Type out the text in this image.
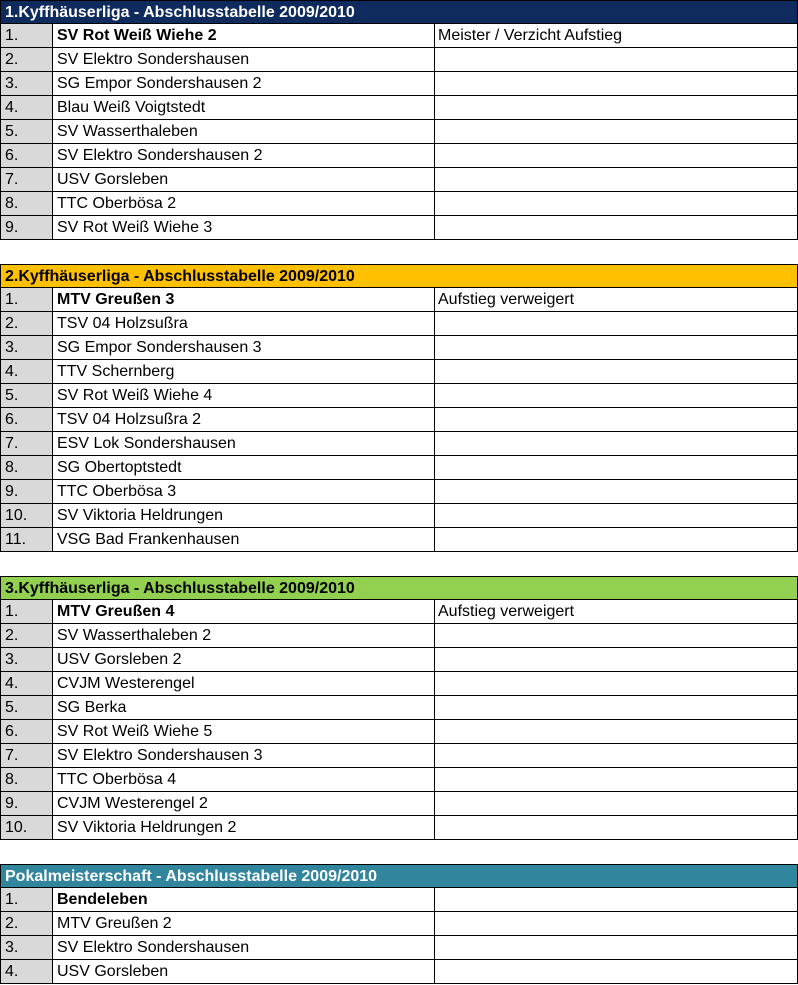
1.Kyffhäuserliga - Abschlusstabelle 2009/2010
1.	SV Rot Weiß Wiehe 2	Meister / Verzicht Aufstieg
2.	SV Elektro Sondershausen
3.	SG Empor Sondershausen 2
4.	Blau Weiß Voigtstedt
5.	SV Wasserthaleben
6.	SV Elektro Sondershausen 2
7.	USV Gorsleben
8.	TTC Oberbösa 2
9.	SV Rot Weiß Wiehe 3
2.Kyffhäuserliga - Abschlusstabelle 2009/2010
1.	MTV Greußen 3	Aufstieg verweigert
2.	TSV 04 Holzsußra
3.	SG Empor Sondershausen 3
4.	TTV Schernberg
5.	SV Rot Weiß Wiehe 4
6.	TSV 04 Holzsußra 2
7.	ESV Lok Sondershausen
8.	SG Obertoptstedt
9.	TTC Oberbösa 3
10.	SV Viktoria Heldrungen
11.	VSG Bad Frankenhausen
3.Kyffhäuserliga - Abschlusstabelle 2009/2010
1.	MTV Greußen 4	Aufstieg verweigert
2.	SV Wasserthaleben 2
3.	USV Gorsleben 2
4.	CVJM Westerengel
5.	SG Berka
6.	SV Rot Weiß Wiehe 5
7.	SV Elektro Sondershausen 3
8.	TTC Oberbösa 4
9.	CVJM Westerengel 2
10.	SV Viktoria Heldrungen 2
Pokalmeisterschaft - Abschlusstabelle 2009/2010
1.	Bendeleben
2.	MTV Greußen 2
3.	SV Elektro Sondershausen
4.	USV Gorsleben
